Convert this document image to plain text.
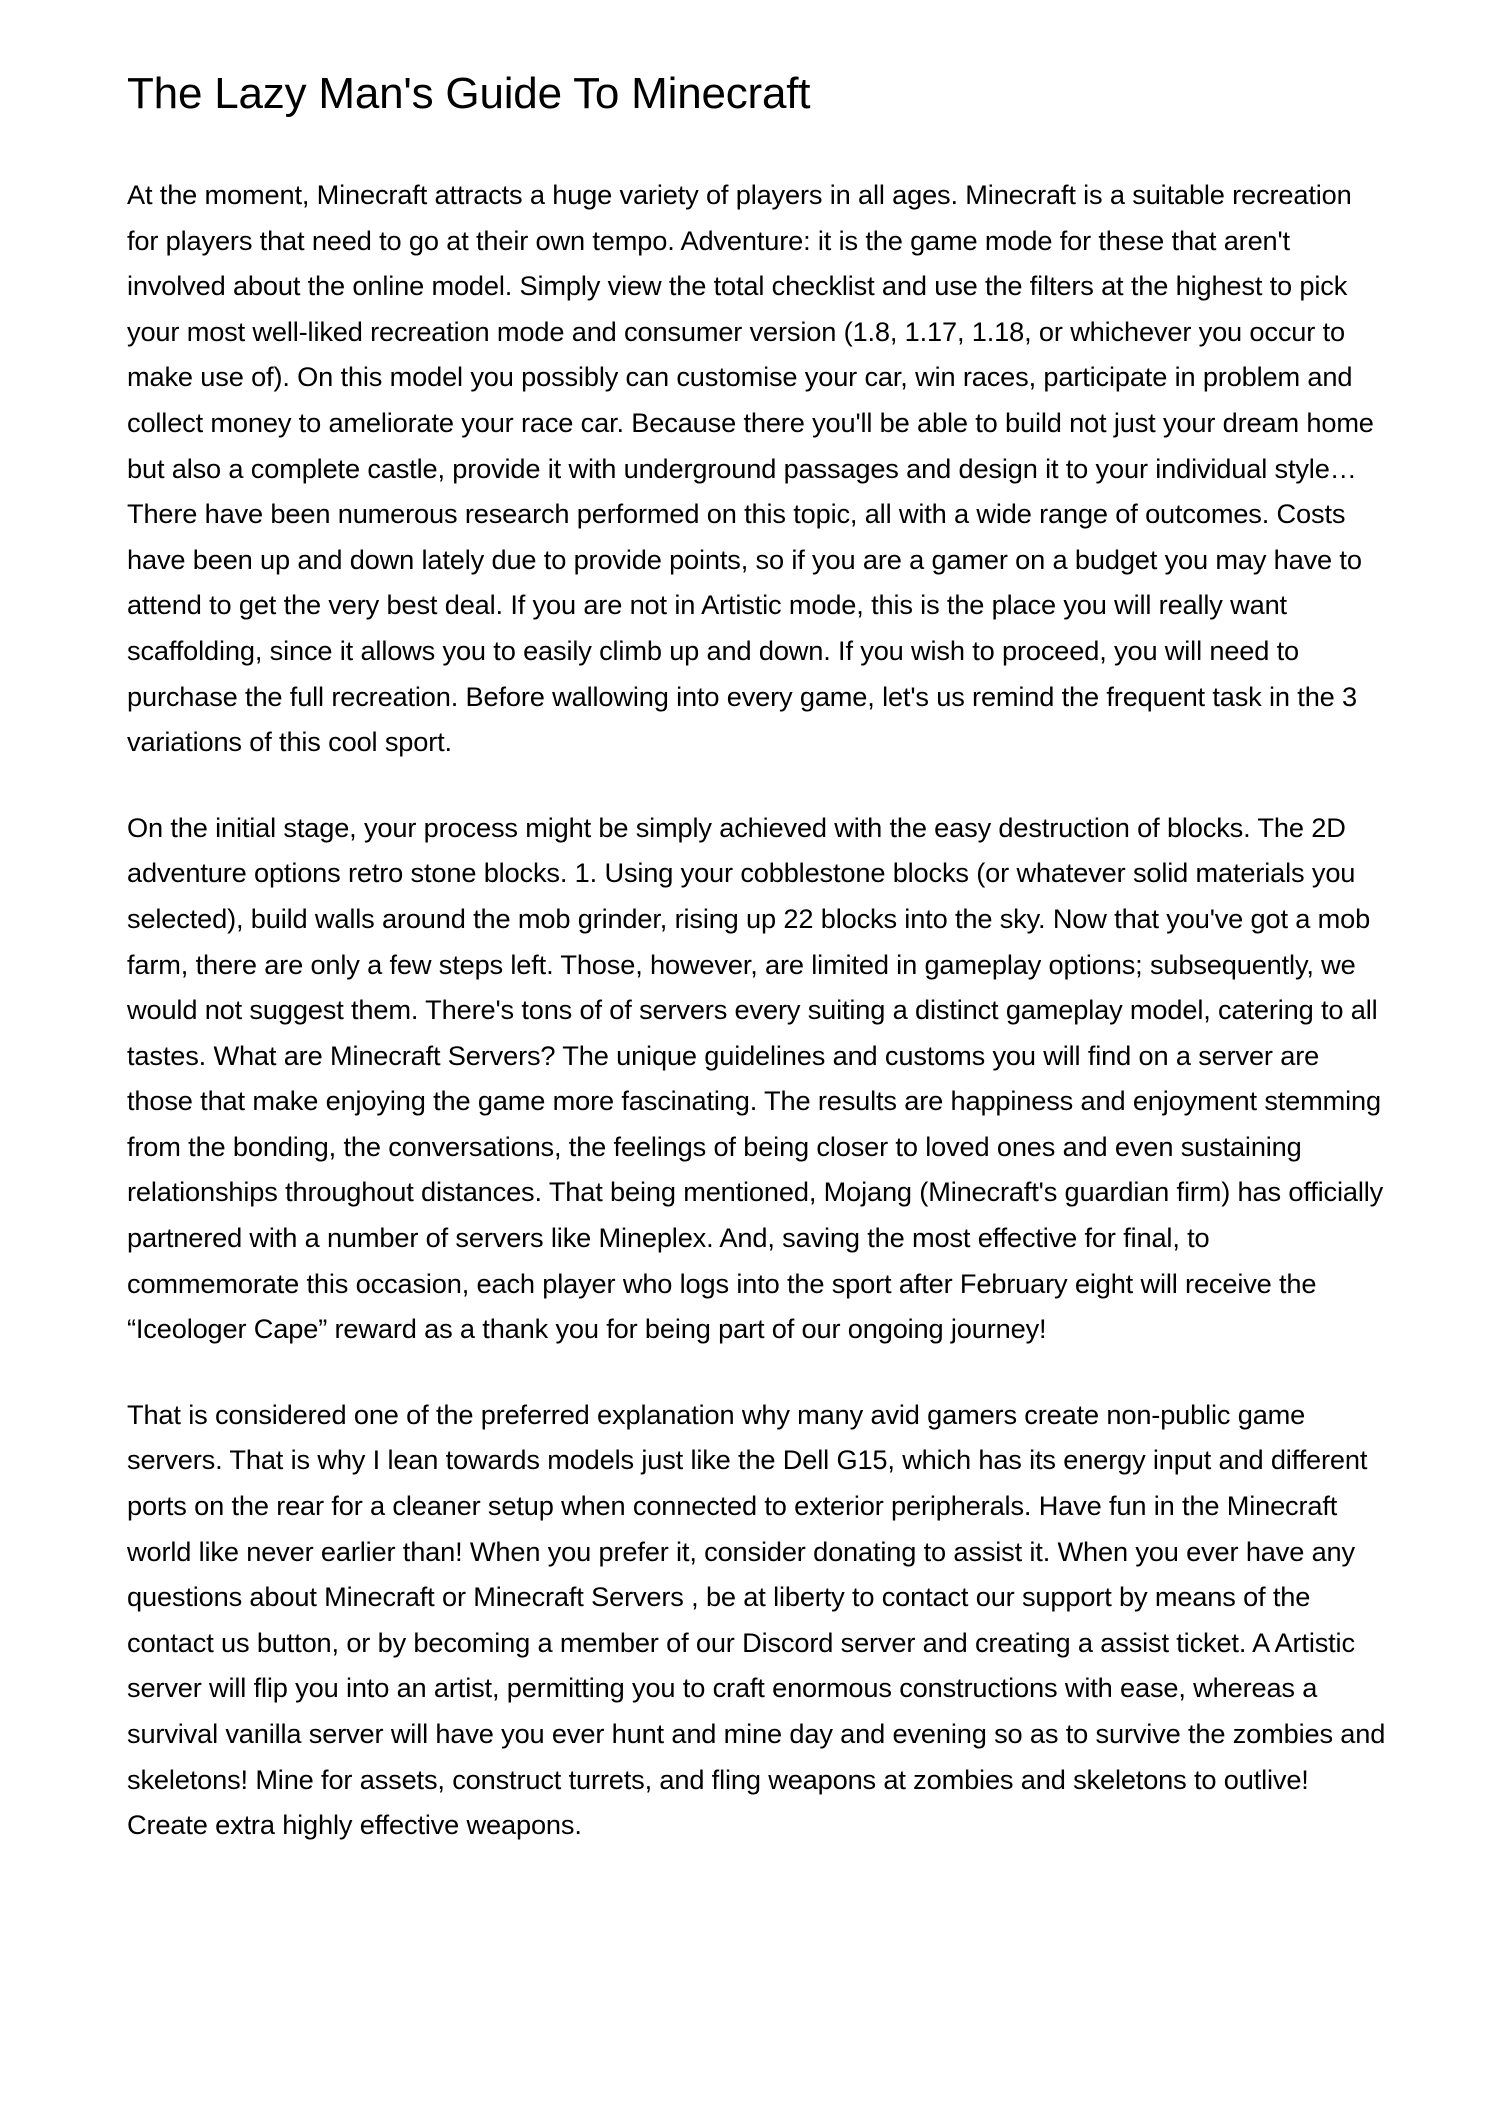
The Lazy Man's Guide To Minecraft

At the moment, Minecraft attracts a huge variety of players in all ages. Minecraft is a suitable recreation for players that need to go at their own tempo. Adventure: it is the game mode for these that aren't involved about the online model. Simply view the total checklist and use the filters at the highest to pick your most well-liked recreation mode and consumer version (1.8, 1.17, 1.18, or whichever you occur to make use of). On this model you possibly can customise your car, win races, participate in problem and collect money to ameliorate your race car. Because there you'll be able to build not just your dream home but also a complete castle, provide it with underground passages and design it to your individual style… There have been numerous research performed on this topic, all with a wide range of outcomes. Costs have been up and down lately due to provide points, so if you are a gamer on a budget you may have to attend to get the very best deal. If you are not in Artistic mode, this is the place you will really want scaffolding, since it allows you to easily climb up and down. If you wish to proceed, you will need to purchase the full recreation. Before wallowing into every game, let's us remind the frequent task in the 3 variations of this cool sport.

On the initial stage, your process might be simply achieved with the easy destruction of blocks. The 2D adventure options retro stone blocks. 1. Using your cobblestone blocks (or whatever solid materials you selected), build walls around the mob grinder, rising up 22 blocks into the sky. Now that you've got a mob farm, there are only a few steps left. Those, however, are limited in gameplay options; subsequently, we would not suggest them. There's tons of of servers every suiting a distinct gameplay model, catering to all tastes. What are Minecraft Servers? The unique guidelines and customs you will find on a server are those that make enjoying the game more fascinating. The results are happiness and enjoyment stemming from the bonding, the conversations, the feelings of being closer to loved ones and even sustaining relationships throughout distances. That being mentioned, Mojang (Minecraft's guardian firm) has officially partnered with a number of servers like Mineplex. And, saving the most effective for final, to commemorate this occasion, each player who logs into the sport after February eight will receive the “Iceologer Cape” reward as a thank you for being part of our ongoing journey!

That is considered one of the preferred explanation why many avid gamers create non-public game servers. That is why I lean towards models just like the Dell G15, which has its energy input and different ports on the rear for a cleaner setup when connected to exterior peripherals. Have fun in the Minecraft world like never earlier than! When you prefer it, consider donating to assist it. When you ever have any questions about Minecraft or Minecraft Servers , be at liberty to contact our support by means of the contact us button, or by becoming a member of our Discord server and creating a assist ticket. A Artistic server will flip you into an artist, permitting you to craft enormous constructions with ease, whereas a survival vanilla server will have you ever hunt and mine day and evening so as to survive the zombies and skeletons! Mine for assets, construct turrets, and fling weapons at zombies and skeletons to outlive! Create extra highly effective weapons.
